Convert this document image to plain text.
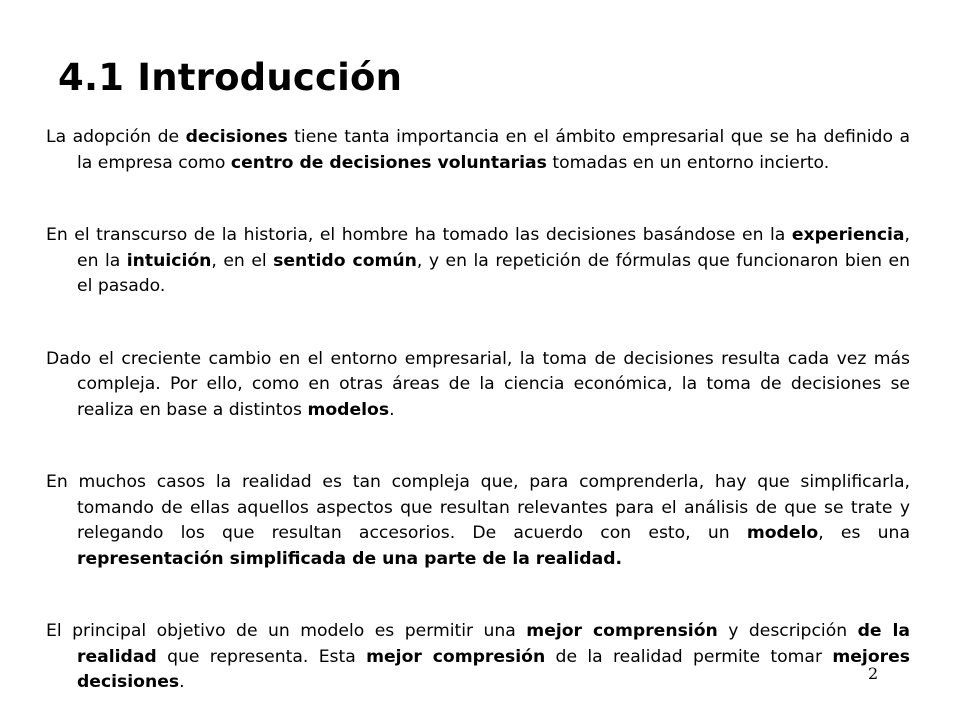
4.1 Introducción

La adopción de decisiones tiene tanta importancia en el ámbito empresarial que se ha definido a la empresa como centro de decisiones voluntarias tomadas en un entorno incierto.

En el transcurso de la historia, el hombre ha tomado las decisiones basándose en la experiencia, en la intuición, en el sentido común, y en la repetición de fórmulas que funcionaron bien en el pasado.

Dado el creciente cambio en el entorno empresarial, la toma de decisiones resulta cada vez más compleja. Por ello, como en otras áreas de la ciencia económica, la toma de decisiones se realiza en base a distintos modelos.

En muchos casos la realidad es tan compleja que, para comprenderla, hay que simplificarla, tomando de ellas aquellos aspectos que resultan relevantes para el análisis de que se trate y relegando los que resultan accesorios. De acuerdo con esto, un modelo, es una representación simplificada de una parte de la realidad.

El principal objetivo de un modelo es permitir una mejor comprensión y descripción de la realidad que representa. Esta mejor compresión de la realidad permite tomar mejores decisiones.	2
